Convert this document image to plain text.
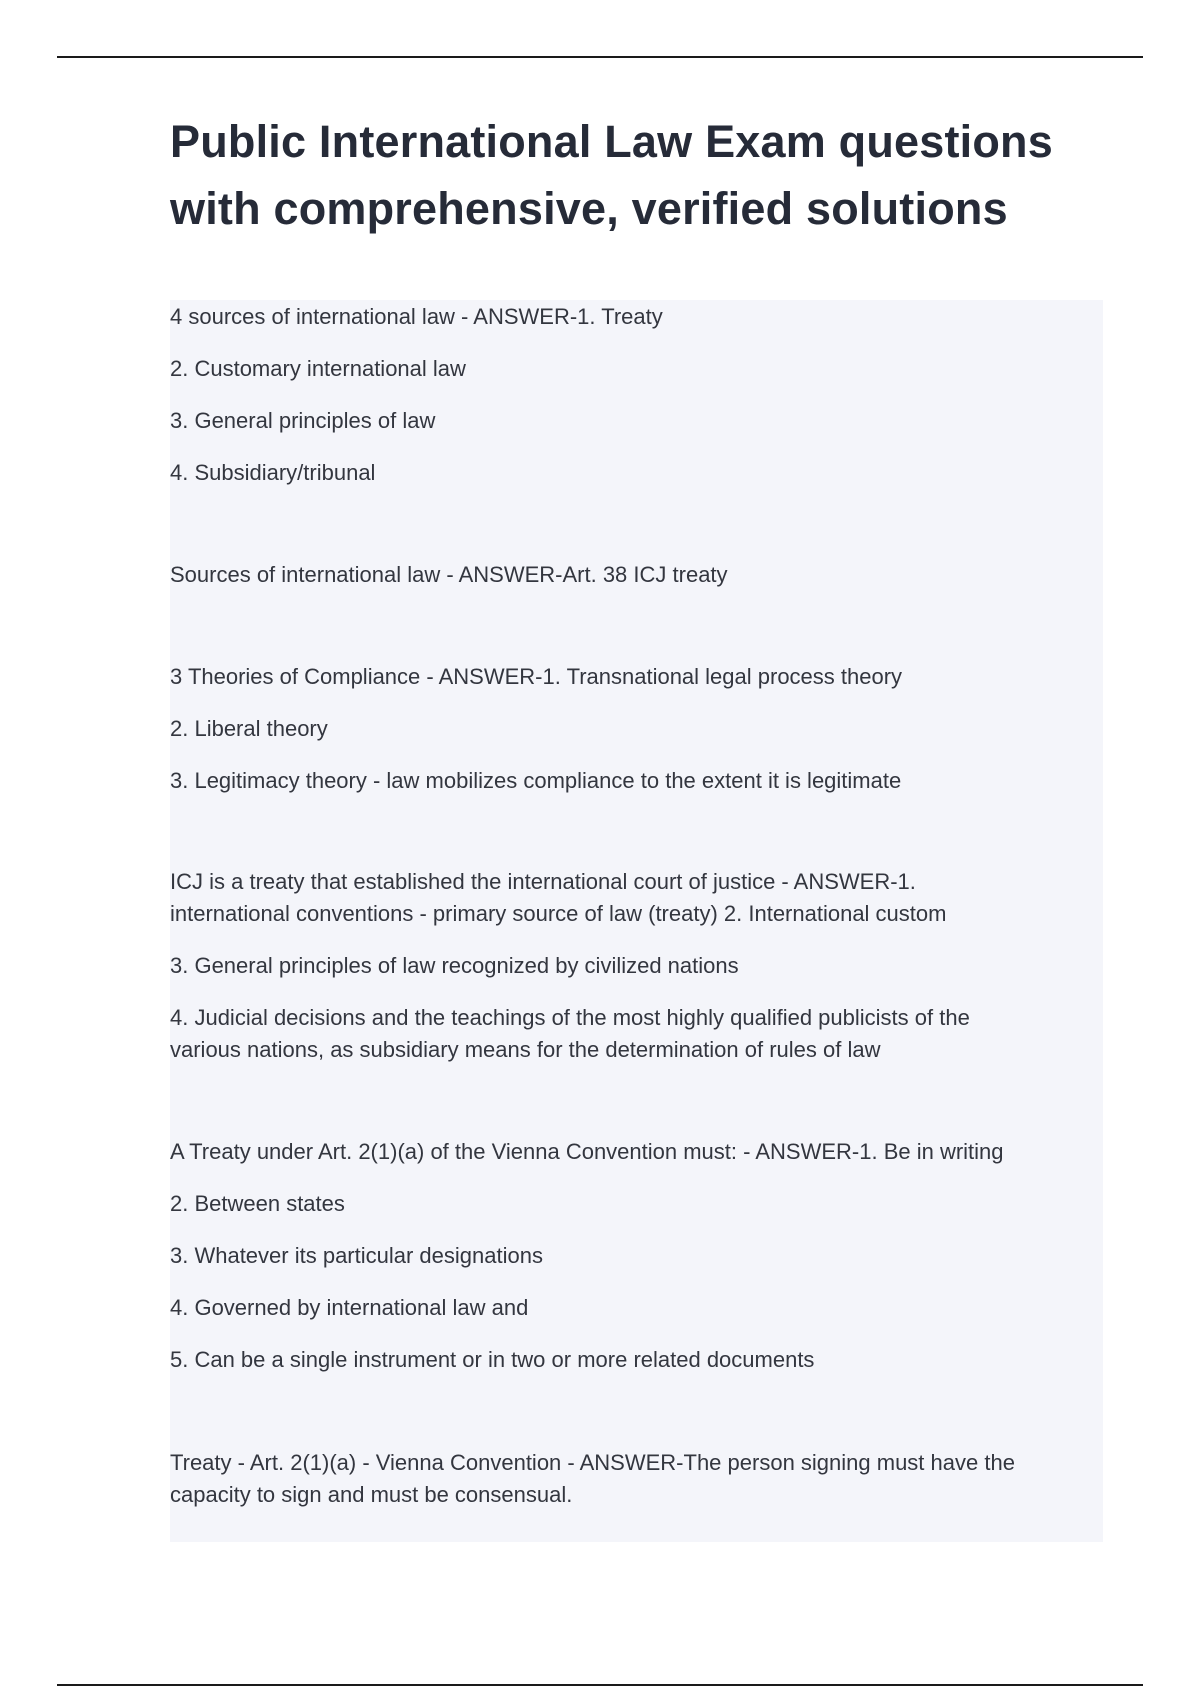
Public International Law Exam questions
with comprehensive, verified solutions

4 sources of international law - ANSWER-1. Treaty

2. Customary international law

3. General principles of law

4. Subsidiary/tribunal

Sources of international law - ANSWER-Art. 38 ICJ treaty

3 Theories of Compliance - ANSWER-1. Transnational legal process theory

2. Liberal theory

3. Legitimacy theory - law mobilizes compliance to the extent it is legitimate

ICJ is a treaty that established the international court of justice - ANSWER-1.

international conventions - primary source of law (treaty) 2. International custom

3. General principles of law recognized by civilized nations

4. Judicial decisions and the teachings of the most highly qualified publicists of the

various nations, as subsidiary means for the determination of rules of law

A Treaty under Art. 2(1)(a) of the Vienna Convention must: - ANSWER-1. Be in writing

2. Between states

3. Whatever its particular designations

4. Governed by international law and

5. Can be a single instrument or in two or more related documents

Treaty - Art. 2(1)(a) - Vienna Convention - ANSWER-The person signing must have the

capacity to sign and must be consensual.
